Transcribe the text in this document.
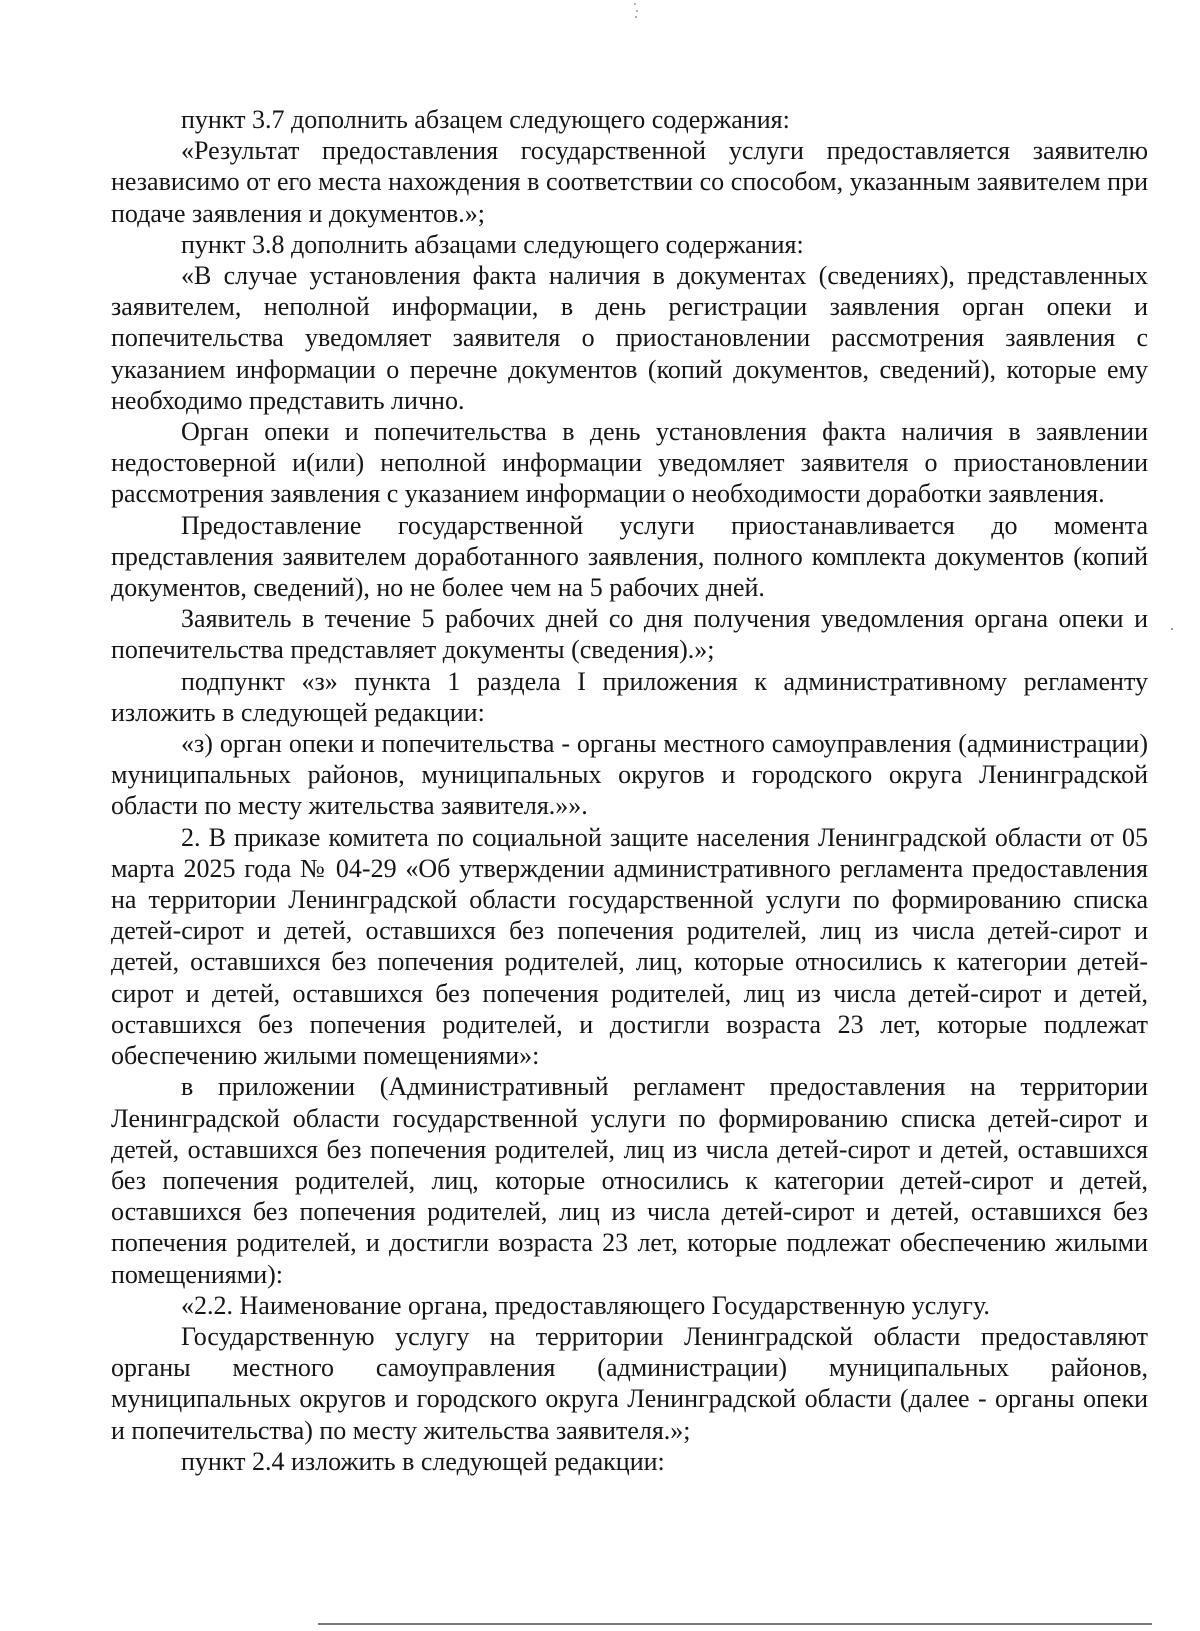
пункт 3.7 дополнить абзацем следующего содержания:

«Результат предоставления государственной услуги предоставляется заявителю независимо от его места нахождения в соответствии со способом, указанным заявителем при подаче заявления и документов.»;

пункт 3.8 дополнить абзацами следующего содержания:

«В случае установления факта наличия в документах (сведениях), представленных заявителем, неполной информации, в день регистрации заявления орган опеки и попечительства уведомляет заявителя о приостановлении рассмотрения заявления с указанием информации о перечне документов (копий документов, сведений), которые ему необходимо представить лично.

Орган опеки и попечительства в день установления факта наличия в заявлении недостоверной и(или) неполной информации уведомляет заявителя о приостановлении рассмотрения заявления с указанием информации о необходимости доработки заявления.

Предоставление государственной услуги приостанавливается до момента представления заявителем доработанного заявления, полного комплекта документов (копий документов, сведений), но не более чем на 5 рабочих дней.

Заявитель в течение 5 рабочих дней со дня получения уведомления органа опеки и попечительства представляет документы (сведения).»;

подпункт «з» пункта 1 раздела I приложения к административному регламенту изложить в следующей редакции:

«з) орган опеки и попечительства - органы местного самоуправления (администрации) муниципальных районов, муниципальных округов и городского округа Ленинградской области по месту жительства заявителя.»».

2. В приказе комитета по социальной защите населения Ленинградской области от 05 марта 2025 года № 04-29 «Об утверждении административного регламента предоставления на территории Ленинградской области государственной услуги по формированию списка детей-сирот и детей, оставшихся без попечения родителей, лиц из числа детей-сирот и детей, оставшихся без попечения родителей, лиц, которые относились к категории детей-сирот и детей, оставшихся без попечения родителей, лиц из числа детей-сирот и детей, оставшихся без попечения родителей, и достигли возраста 23 лет, которые подлежат обеспечению жилыми помещениями»:

в приложении (Административный регламент предоставления на территории Ленинградской области государственной услуги по формированию списка детей-сирот и детей, оставшихся без попечения родителей, лиц из числа детей-сирот и детей, оставшихся без попечения родителей, лиц, которые относились к категории детей-сирот и детей, оставшихся без попечения родителей, лиц из числа детей-сирот и детей, оставшихся без попечения родителей, и достигли возраста 23 лет, которые подлежат обеспечению жилыми помещениями):

«2.2. Наименование органа, предоставляющего Государственную услугу.

Государственную услугу на территории Ленинградской области предоставляют органы местного самоуправления (администрации) муниципальных районов, муниципальных округов и городского округа Ленинградской области (далее - органы опеки и попечительства) по месту жительства заявителя.»;

пункт 2.4 изложить в следующей редакции:
